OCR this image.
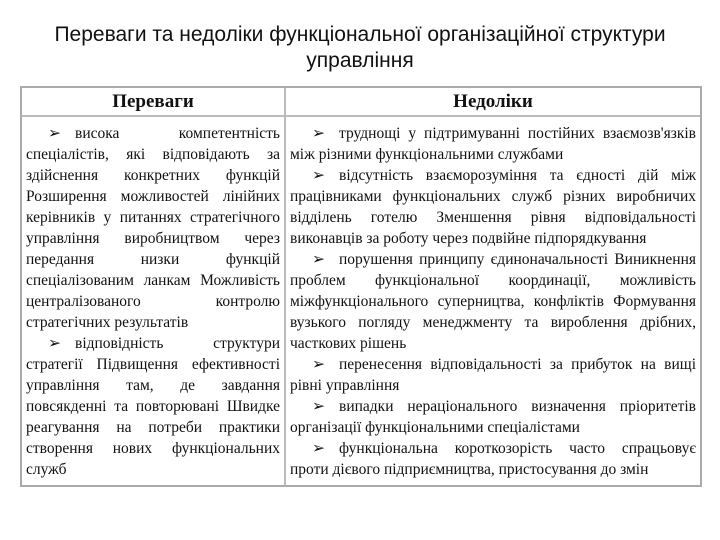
Переваги та недоліки функціональної організаційної структури управління
Переваги	Недоліки

➢ висока компетентність спеціалістів, які відповідають за здійснення конкретних функцій Розширення можливостей лінійних керівників у питаннях стратегічного управління виробництвом через передання низки функцій спеціалізованим ланкам Можливість централізованого контролю стратегічних результатів

➢ відповідність структури стратегії Підвищення ефективності управління там, де завдання повсякденні та повторювані Швидке реагування на потреби практики створення нових функціональних служб

➢ труднощі у підтримуванні постійних взаємозв'язків між різними функціональними службами

➢ відсутність взаєморозуміння та єдності дій між працівниками функціональних служб різних виробничих відділень готелю Зменшення рівня відповідальності виконавців за роботу через подвійне підпорядкування

➢ порушення принципу єдиноначальності Виникнення проблем функціональної координації, можливість міжфункціонального суперництва, конфліктів Формування вузького погляду менеджменту та вироблення дрібних, часткових рішень

➢ перенесення відповідальності за прибуток на вищі рівні управління

➢ випадки нераціонального визначення пріоритетів організації функціональними спеціалістами

➢ функціональна короткозорість часто спрацьовує проти дієвого підприємництва, пристосування до змін
